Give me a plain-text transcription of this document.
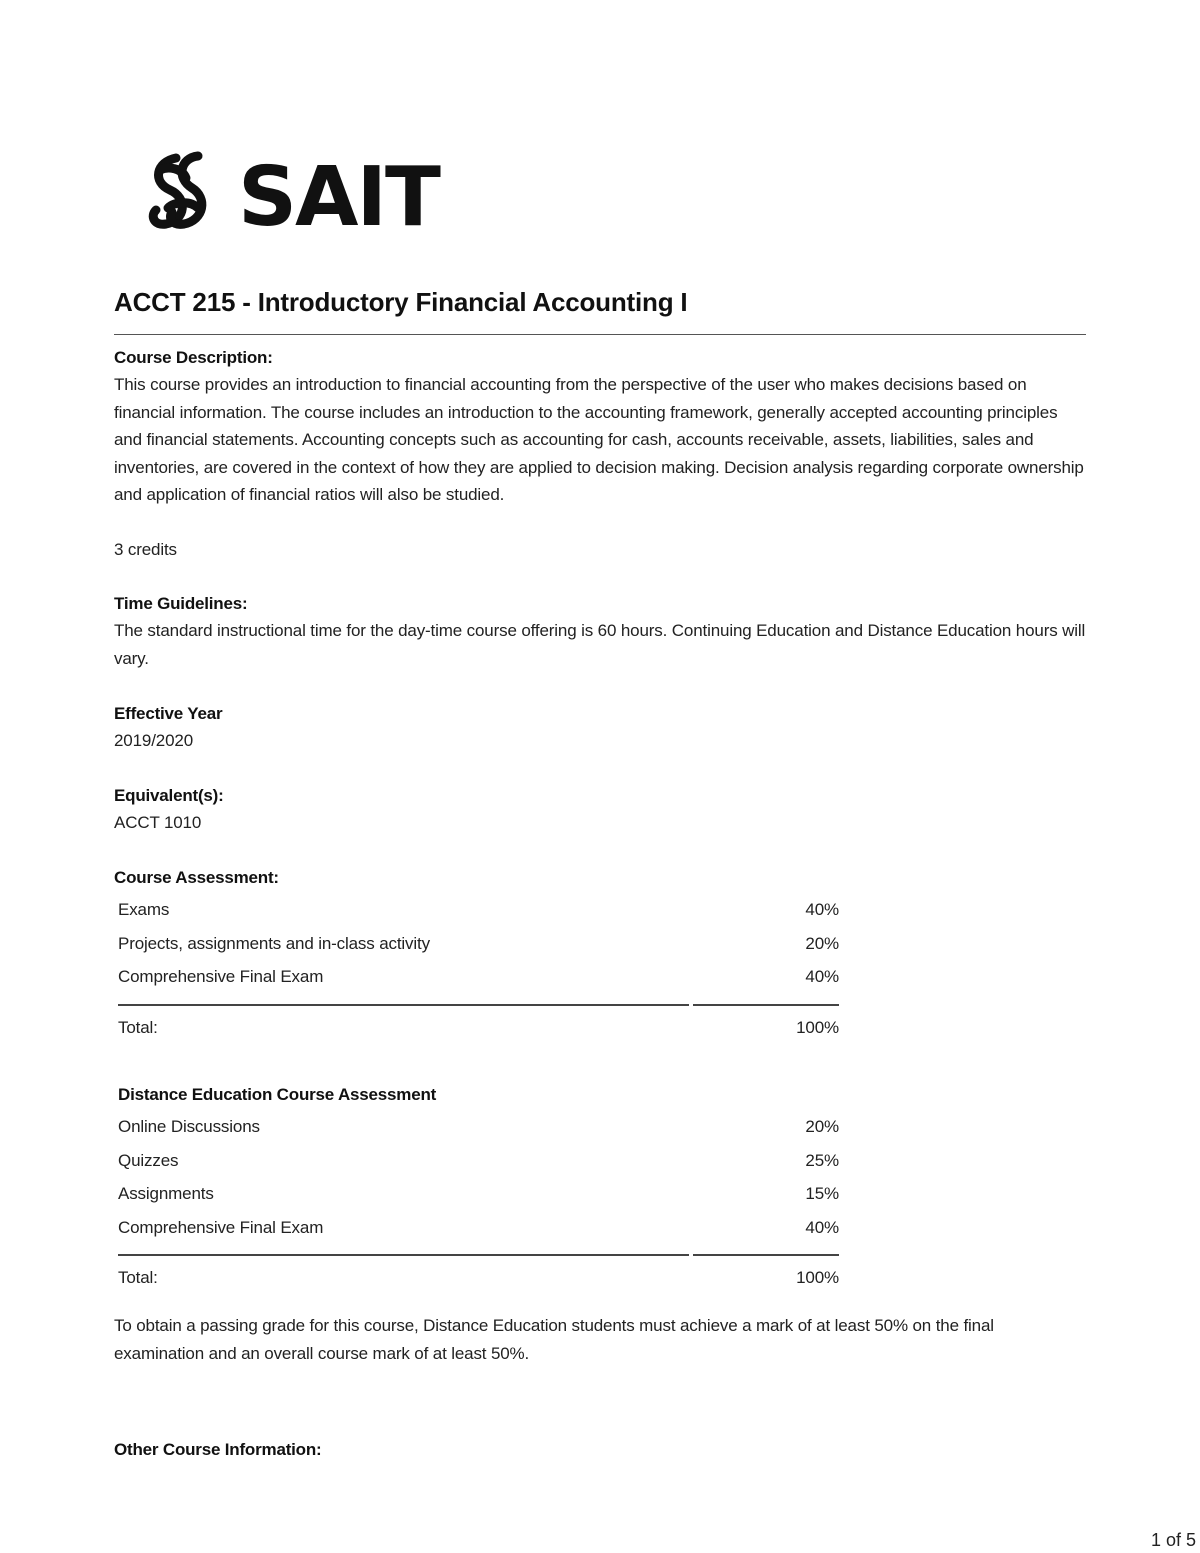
SAIT
ACCT 215 - Introductory Financial Accounting I
Course Description:
This course provides an introduction to financial accounting from the perspective of the user who makes decisions based on financial information. The course includes an introduction to the accounting framework, generally accepted accounting principles and financial statements. Accounting concepts such as accounting for cash, accounts receivable, assets, liabilities, sales and inventories, are covered in the context of how they are applied to decision making. Decision analysis regarding corporate ownership and application of financial ratios will also be studied.
3 credits
Time Guidelines:
The standard instructional time for the day-time course offering is 60 hours. Continuing Education and Distance Education hours will vary.
Effective Year
2019/2020
Equivalent(s):
ACCT 1010
Course Assessment:
Exams	40%
Projects, assignments and in-class activity	20%
Comprehensive Final Exam	40%
Total:	100%
Distance Education Course Assessment
Online Discussions	20%
Quizzes	25%
Assignments	15%
Comprehensive Final Exam	40%
Total:	100%
To obtain a passing grade for this course, Distance Education students must achieve a mark of at least 50% on the final examination and an overall course mark of at least 50%.
Other Course Information:
1 of 5
